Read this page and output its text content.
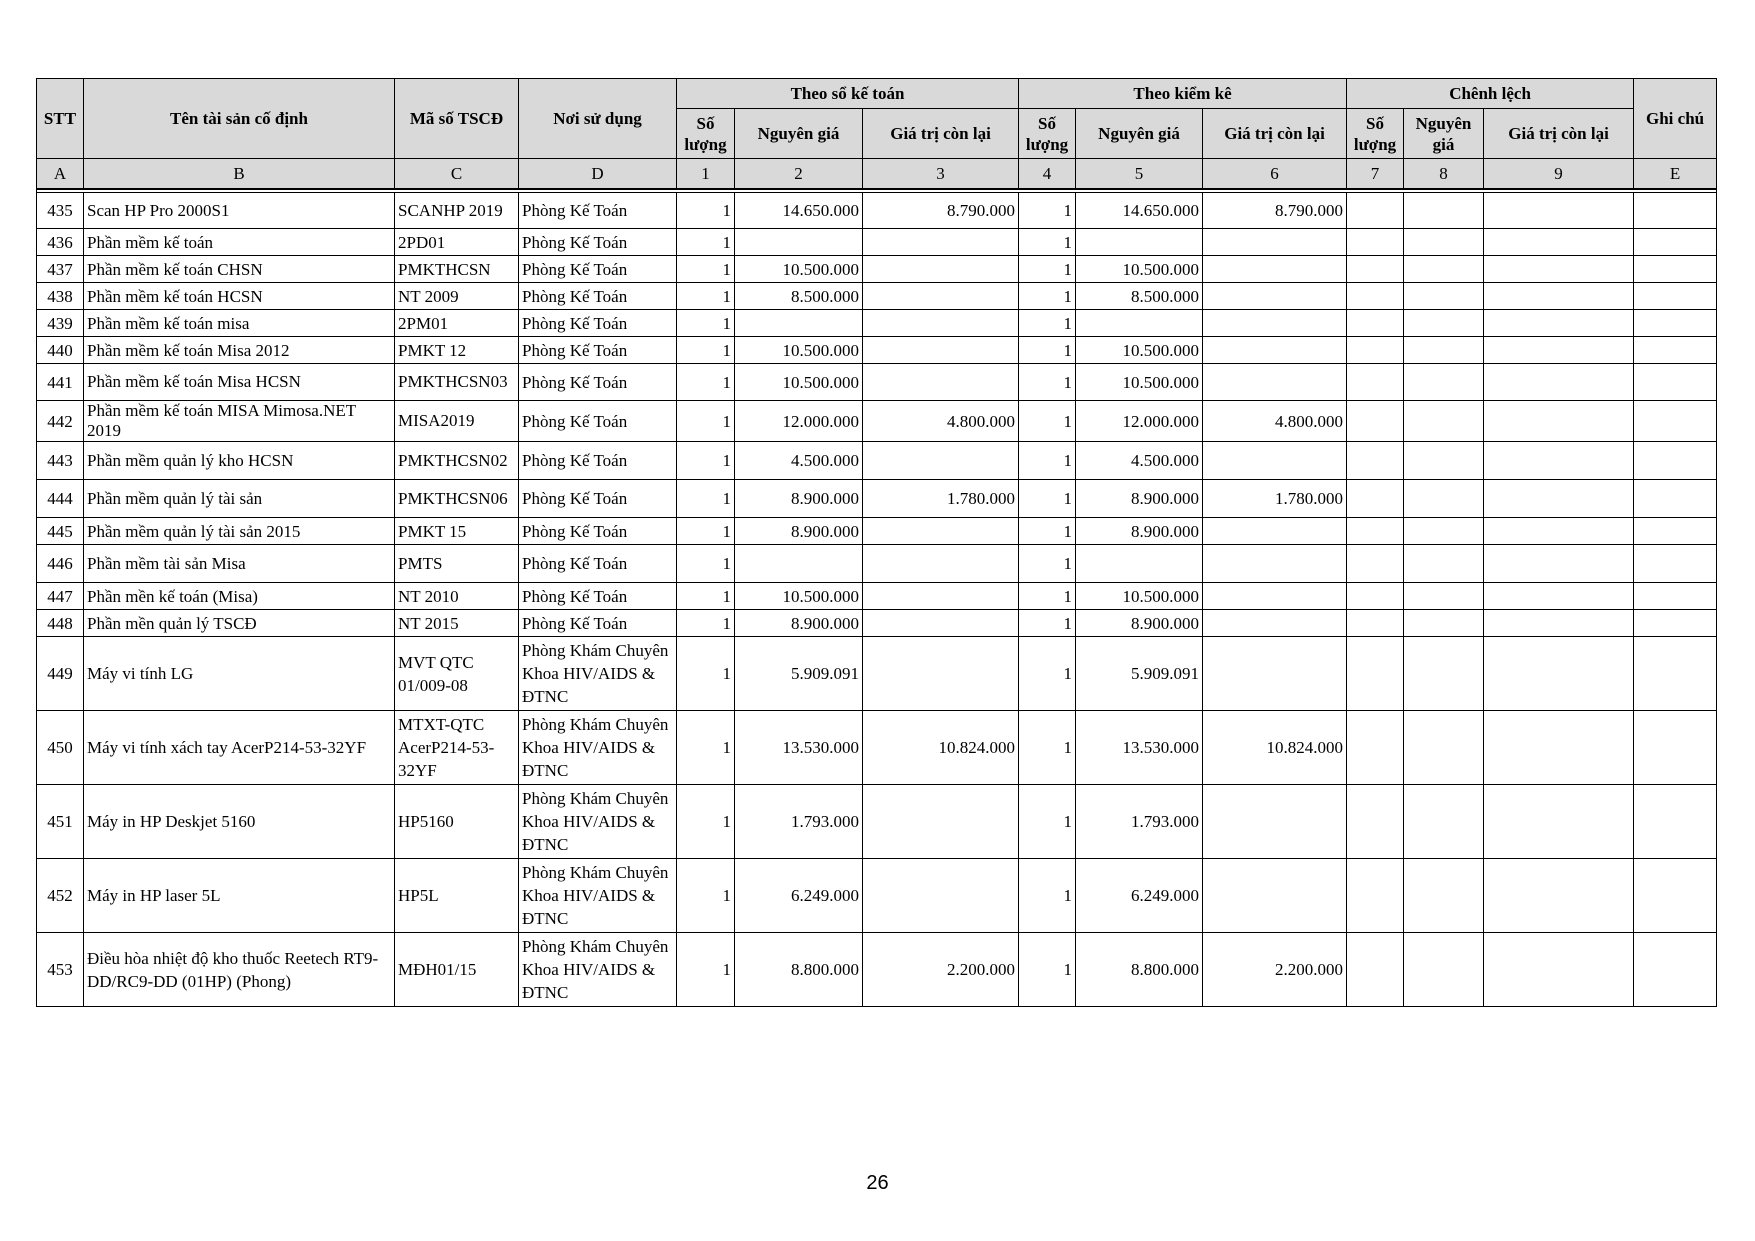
STT	Tên tài sản cố định	Mã số TSCĐ	Nơi sử dụng	Theo sổ kế toán			Theo kiểm kê			Chênh lệch			Ghi chú
				Số lượng	Nguyên giá	Giá trị còn lại	Số lượng	Nguyên giá	Giá trị còn lại	Số lượng	Nguyên giá	Giá trị còn lại	
A	B	C	D	1	2	3	4	5	6	7	8	9	E

435	Scan HP Pro 2000S1	SCANHP 2019	Phòng Kế Toán	1	14.650.000	8.790.000	1	14.650.000	8.790.000				
436	Phần mềm kế toán	2PD01	Phòng Kế Toán	1			1						
437	Phần mềm kế toán CHSN	PMKTHCSN	Phòng Kế Toán	1	10.500.000		1	10.500.000					
438	Phần mềm kế toán HCSN	NT 2009	Phòng Kế Toán	1	8.500.000		1	8.500.000					
439	Phần mềm kế toán misa	2PM01	Phòng Kế Toán	1			1						
440	Phần mềm kế toán Misa 2012	PMKT 12	Phòng Kế Toán	1	10.500.000		1	10.500.000					
441	Phần mềm kế toán Misa HCSN	PMKTHCSN03	Phòng Kế Toán	1	10.500.000		1	10.500.000					
442	Phần mềm kế toán MISA Mimosa.NET 2019	MISA2019	Phòng Kế Toán	1	12.000.000	4.800.000	1	12.000.000	4.800.000				
443	Phần mềm quản lý kho HCSN	PMKTHCSN02	Phòng Kế Toán	1	4.500.000		1	4.500.000					
444	Phần mềm quản lý tài sản	PMKTHCSN06	Phòng Kế Toán	1	8.900.000	1.780.000	1	8.900.000	1.780.000				
445	Phần mềm quản lý tài sản 2015	PMKT 15	Phòng Kế Toán	1	8.900.000		1	8.900.000					
446	Phần mềm tài sản Misa	PMTS	Phòng Kế Toán	1			1						
447	Phần mền kế toán (Misa)	NT 2010	Phòng Kế Toán	1	10.500.000		1	10.500.000					
448	Phần mền quản lý TSCĐ	NT 2015	Phòng Kế Toán	1	8.900.000		1	8.900.000					

449	Máy vi tính LG	MVT QTC 01/009-08	Phòng Khám Chuyên Khoa HIV/AIDS & ĐTNC	1	5.909.091		1	5.909.091					

450	Máy vi tính xách tay AcerP214-53-32YF	MTXT-QTC AcerP214-53-32YF	Phòng Khám Chuyên Khoa HIV/AIDS & ĐTNC	1	13.530.000	10.824.000	1	13.530.000	10.824.000				

451	Máy in HP Deskjet 5160	HP5160	Phòng Khám Chuyên Khoa HIV/AIDS & ĐTNC	1	1.793.000		1	1.793.000					

452	Máy in HP laser 5L	HP5L	Phòng Khám Chuyên Khoa HIV/AIDS & ĐTNC	1	6.249.000		1	6.249.000					

453	Điều hòa nhiệt độ kho thuốc Reetech RT9-DD/RC9-DD (01HP) (Phong)	MĐH01/15	Phòng Khám Chuyên Khoa HIV/AIDS & ĐTNC	1	8.800.000	2.200.000	1	8.800.000	2.200.000				

26
